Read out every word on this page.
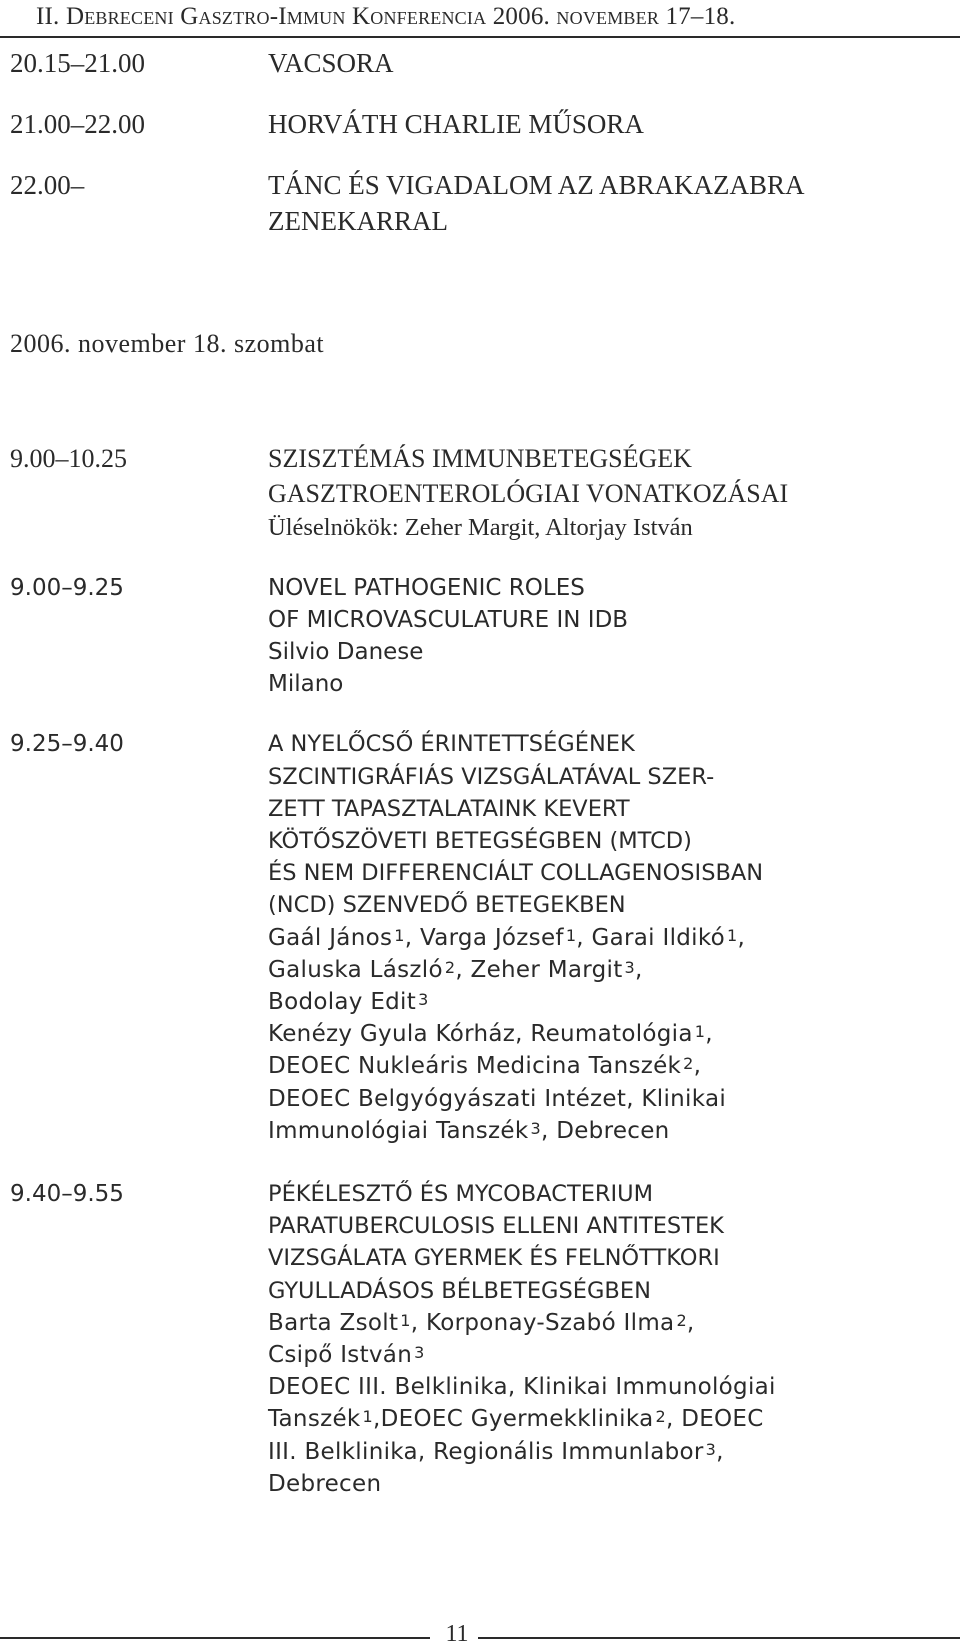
II. Debreceni Gasztro-Immun Konferencia 2006. november 17–18.
20.15–21.00	VACSORA
21.00–22.00	HORVÁTH CHARLIE MŰSORA
22.00–	TÁNC ÉS VIGADALOM AZ ABRAKAZABRA
ZENEKARRAL
2006. november 18. szombat
9.00–10.25	SZISZTÉMÁS IMMUNBETEGSÉGEK
GASZTROENTEROLÓGIAI VONATKOZÁSAI
Üléselnökök: Zeher Margit, Altorjay István
9.00–9.25	NOVEL PATHOGENIC ROLES
OF MICROVASCULATURE IN IDB
Silvio Danese
Milano
9.25–9.40	A NYELŐCSŐ ÉRINTETTSÉGÉNEK
SZCINTIGRÁFIÁS VIZSGÁLATÁVAL SZER-
ZETT TAPASZTALATAINK KEVERT
KÖTŐSZÖVETI BETEGSÉGBEN (MTCD)
ÉS NEM DIFFERENCIÁLT COLLAGENOSISBAN
(NCD) SZENVEDŐ BETEGEKBEN
Gaál János $^1$, Varga József $^1$, Garai Ildikó $^1$,
Galuska László $^2$, Zeher Margit $^3$,
Bodolay Edit $^3$
Kenézy Gyula Kórház, Reumatológia $^1$,
DEOEC Nukleáris Medicina Tanszék $^2$,
DEOEC Belgyógyászati Intézet, Klinikai
Immunológiai Tanszék $^3$, Debrecen
9.40–9.55	PÉKÉLESZTŐ ÉS MYCOBACTERIUM
PARATUBERCULOSIS ELLENI ANTITESTEK
VIZSGÁLATA GYERMEK ÉS FELNŐTTKORI
GYULLADÁSOS BÉLBETEGSÉGBEN
Barta Zsolt $^1$, Korponay-Szabó Ilma $^2$,
Csipő István $^3$
DEOEC III. Belklinika, Klinikai Immunológiai
Tanszék $^1$,DEOEC Gyermekklinika $^2$, DEOEC
III. Belklinika, Regionális Immunlabor $^3$,
Debrecen
11
